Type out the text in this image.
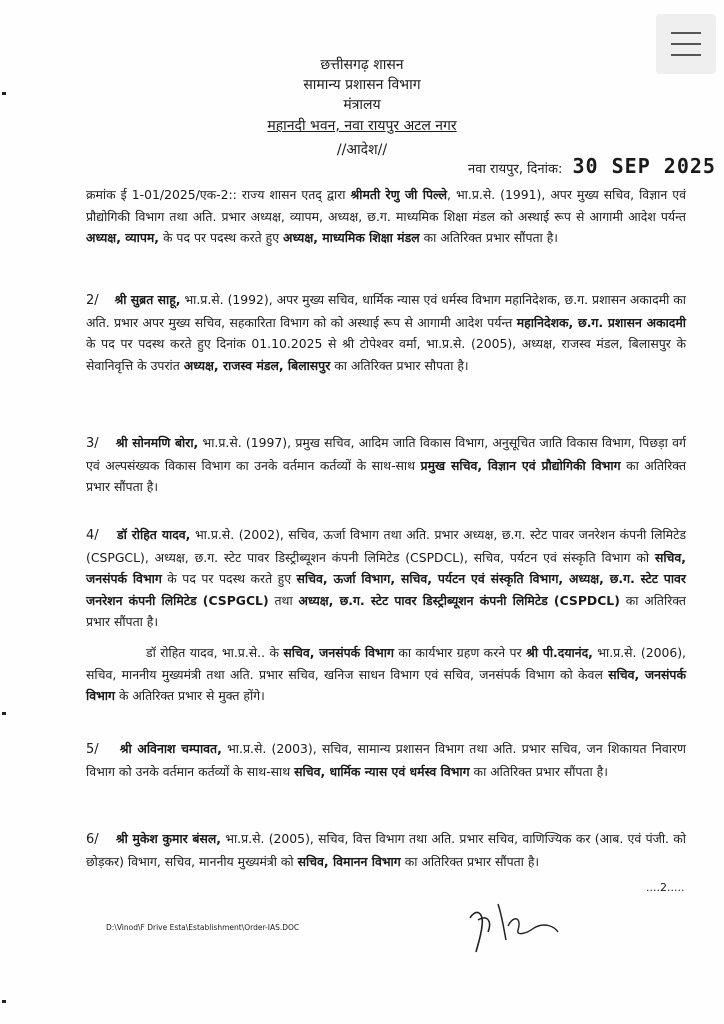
छत्तीसगढ़ शासन
सामान्य प्रशासन विभाग
मंत्रालय
महानदी भवन, नवा रायपुर अटल नगर
//आदेश//
नवा रायपुर, दिनांक: 30 SEP 2025
क्रमांक ई 1-01/2025/एक-2:: राज्य शासन एतद् द्वारा श्रीमती रेणु जी पिल्ले, भा.प्र.से. (1991), अपर मुख्य सचिव, विज्ञान एवं प्रौद्योगिकी विभाग तथा अति. प्रभार अध्यक्ष, व्यापम, अध्यक्ष, छ.ग. माध्यमिक शिक्षा मंडल को अस्थाई रूप से आगामी आदेश पर्यन्त अध्यक्ष, व्यापम, के पद पर पदस्थ करते हुए अध्यक्ष, माध्यमिक शिक्षा मंडल का अतिरिक्त प्रभार सौंपता है।
2/ श्री सुब्रत साहू, भा.प्र.से. (1992), अपर मुख्य सचिव, धार्मिक न्यास एवं धर्मस्व विभाग महानिदेशक, छ.ग. प्रशासन अकादमी का अति. प्रभार अपर मुख्य सचिव, सहकारिता विभाग को को अस्थाई रूप से आगामी आदेश पर्यन्त महानिदेशक, छ.ग. प्रशासन अकादमी के पद पर पदस्थ करते हुए दिनांक 01.10.2025 से श्री टोपेश्वर वर्मा, भा.प्र.से. (2005), अध्यक्ष, राजस्व मंडल, बिलासपुर के सेवानिवृत्ति के उपरांत अध्यक्ष, राजस्व मंडल, बिलासपुर का अतिरिक्त प्रभार सौपता है।
3/ श्री सोनमणि बोरा, भा.प्र.से. (1997), प्रमुख सचिव, आदिम जाति विकास विभाग, अनुसूचित जाति विकास विभाग, पिछड़ा वर्ग एवं अल्पसंख्यक विकास विभाग का उनके वर्तमान कर्तव्यों के साथ-साथ प्रमुख सचिव, विज्ञान एवं प्रौद्योगिकी विभाग का अतिरिक्त प्रभार सौंपता है।
4/ डॉ रोहित यादव, भा.प्र.से. (2002), सचिव, ऊर्जा विभाग तथा अति. प्रभार अध्यक्ष, छ.ग. स्टेट पावर जनरेशन कंपनी लिमिटेड (CSPGCL), अध्यक्ष, छ.ग. स्टेट पावर डिस्ट्रीब्यूशन कंपनी लिमिटेड (CSPDCL), सचिव, पर्यटन एवं संस्कृति विभाग को सचिव, जनसंपर्क विभाग के पद पर पदस्थ करते हुए सचिव, ऊर्जा विभाग, सचिव, पर्यटन एवं संस्कृति विभाग, अध्यक्ष, छ.ग. स्टेट पावर जनरेशन कंपनी लिमिटेड (CSPGCL) तथा अध्यक्ष, छ.ग. स्टेट पावर डिस्ट्रीब्यूशन कंपनी लिमिटेड (CSPDCL) का अतिरिक्त प्रभार सौंपता है।
डॉ रोहित यादव, भा.प्र.से.. के सचिव, जनसंपर्क विभाग का कार्यभार ग्रहण करने पर श्री पी.दयानंद, भा.प्र.से. (2006), सचिव, माननीय मुख्यमंत्री तथा अति. प्रभार सचिव, खनिज साधन विभाग एवं सचिव, जनसंपर्क विभाग को केवल सचिव, जनसंपर्क विभाग के अतिरिक्त प्रभार से मुक्त होंगे।
5/ श्री अविनाश चम्पावत, भा.प्र.से. (2003), सचिव, सामान्य प्रशासन विभाग तथा अति. प्रभार सचिव, जन शिकायत निवारण विभाग को उनके वर्तमान कर्तव्यों के साथ-साथ सचिव, धार्मिक न्यास एवं धर्मस्व विभाग का अतिरिक्त प्रभार सौंपता है।
6/ श्री मुकेश कुमार बंसल, भा.प्र.से. (2005), सचिव, वित्त विभाग तथा अति. प्रभार सचिव, वाणिज्यिक कर (आब. एवं पंजी. को छोड़कर) विभाग, सचिव, माननीय मुख्यमंत्री को सचिव, विमानन विभाग का अतिरिक्त प्रभार सौंपता है।
....2.....
D:\Vinod\F Drive Esta\Establishment\Order-IAS.DOC
